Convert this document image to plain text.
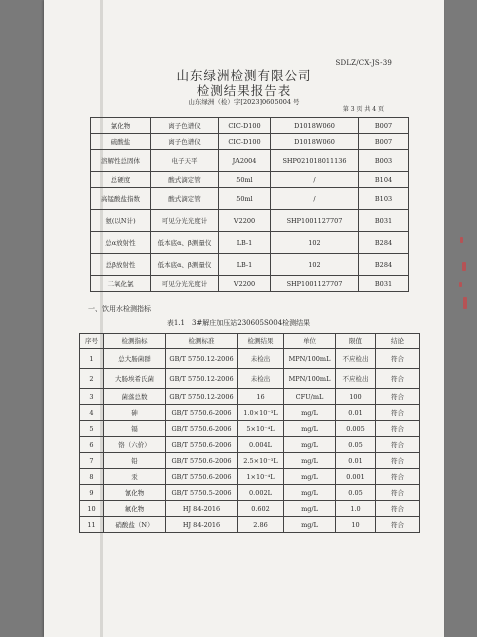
SDLZ/CX-JS-39
山东绿洲检测有限公司
检测结果报告表
山东绿洲（检）字[2023]0605004 号
第 3 页 共 4 页
氯化物	离子色谱仪	CIC-D100	D1018W060	B007
硫酸盐	离子色谱仪	CIC-D100	D1018W060	B007
溶解性总固体	电子天平	JA2004	SHP021018011136	B003
总硬度	酸式滴定管	50ml	/	B104
高锰酸盐指数	酸式滴定管	50ml	/	B103
氨(以N计)	可见分光光度计	V2200	SHP1001127707	B031
总α放射性	低本底α、β测量仪	LB-1	102	B284
总β放射性	低本底α、β测量仪	LB-1	102	B284
二氧化氯	可见分光光度计	V2200	SHP1001127707	B031
一、饮用水检测指标
表1.1　3#解庄加压站230605S004检测结果
序号	检测指标	检测标准	检测结果	单位	限值	结论
1	总大肠菌群	GB/T 5750.12-2006	未检出	MPN/100mL	不应检出	符合
2	大肠埃希氏菌	GB/T 5750.12-2006	未检出	MPN/100mL	不应检出	符合
3	菌落总数	GB/T 5750.12-2006	16	CFU/mL	100	符合
4	砷	GB/T 5750.6-2006	1.0×10⁻³L	mg/L	0.01	符合
5	镉	GB/T 5750.6-2006	5×10⁻⁴L	mg/L	0.005	符合
6	铬（六价）	GB/T 5750.6-2006	0.004L	mg/L	0.05	符合
7	铅	GB/T 5750.6-2006	2.5×10⁻³L	mg/L	0.01	符合
8	汞	GB/T 5750.6-2006	1×10⁻⁴L	mg/L	0.001	符合
9	氰化物	GB/T 5750.5-2006	0.002L	mg/L	0.05	符合
10	氟化物	HJ 84-2016	0.602	mg/L	1.0	符合
11	硝酸盐（N）	HJ 84-2016	2.86	mg/L	10	符合
